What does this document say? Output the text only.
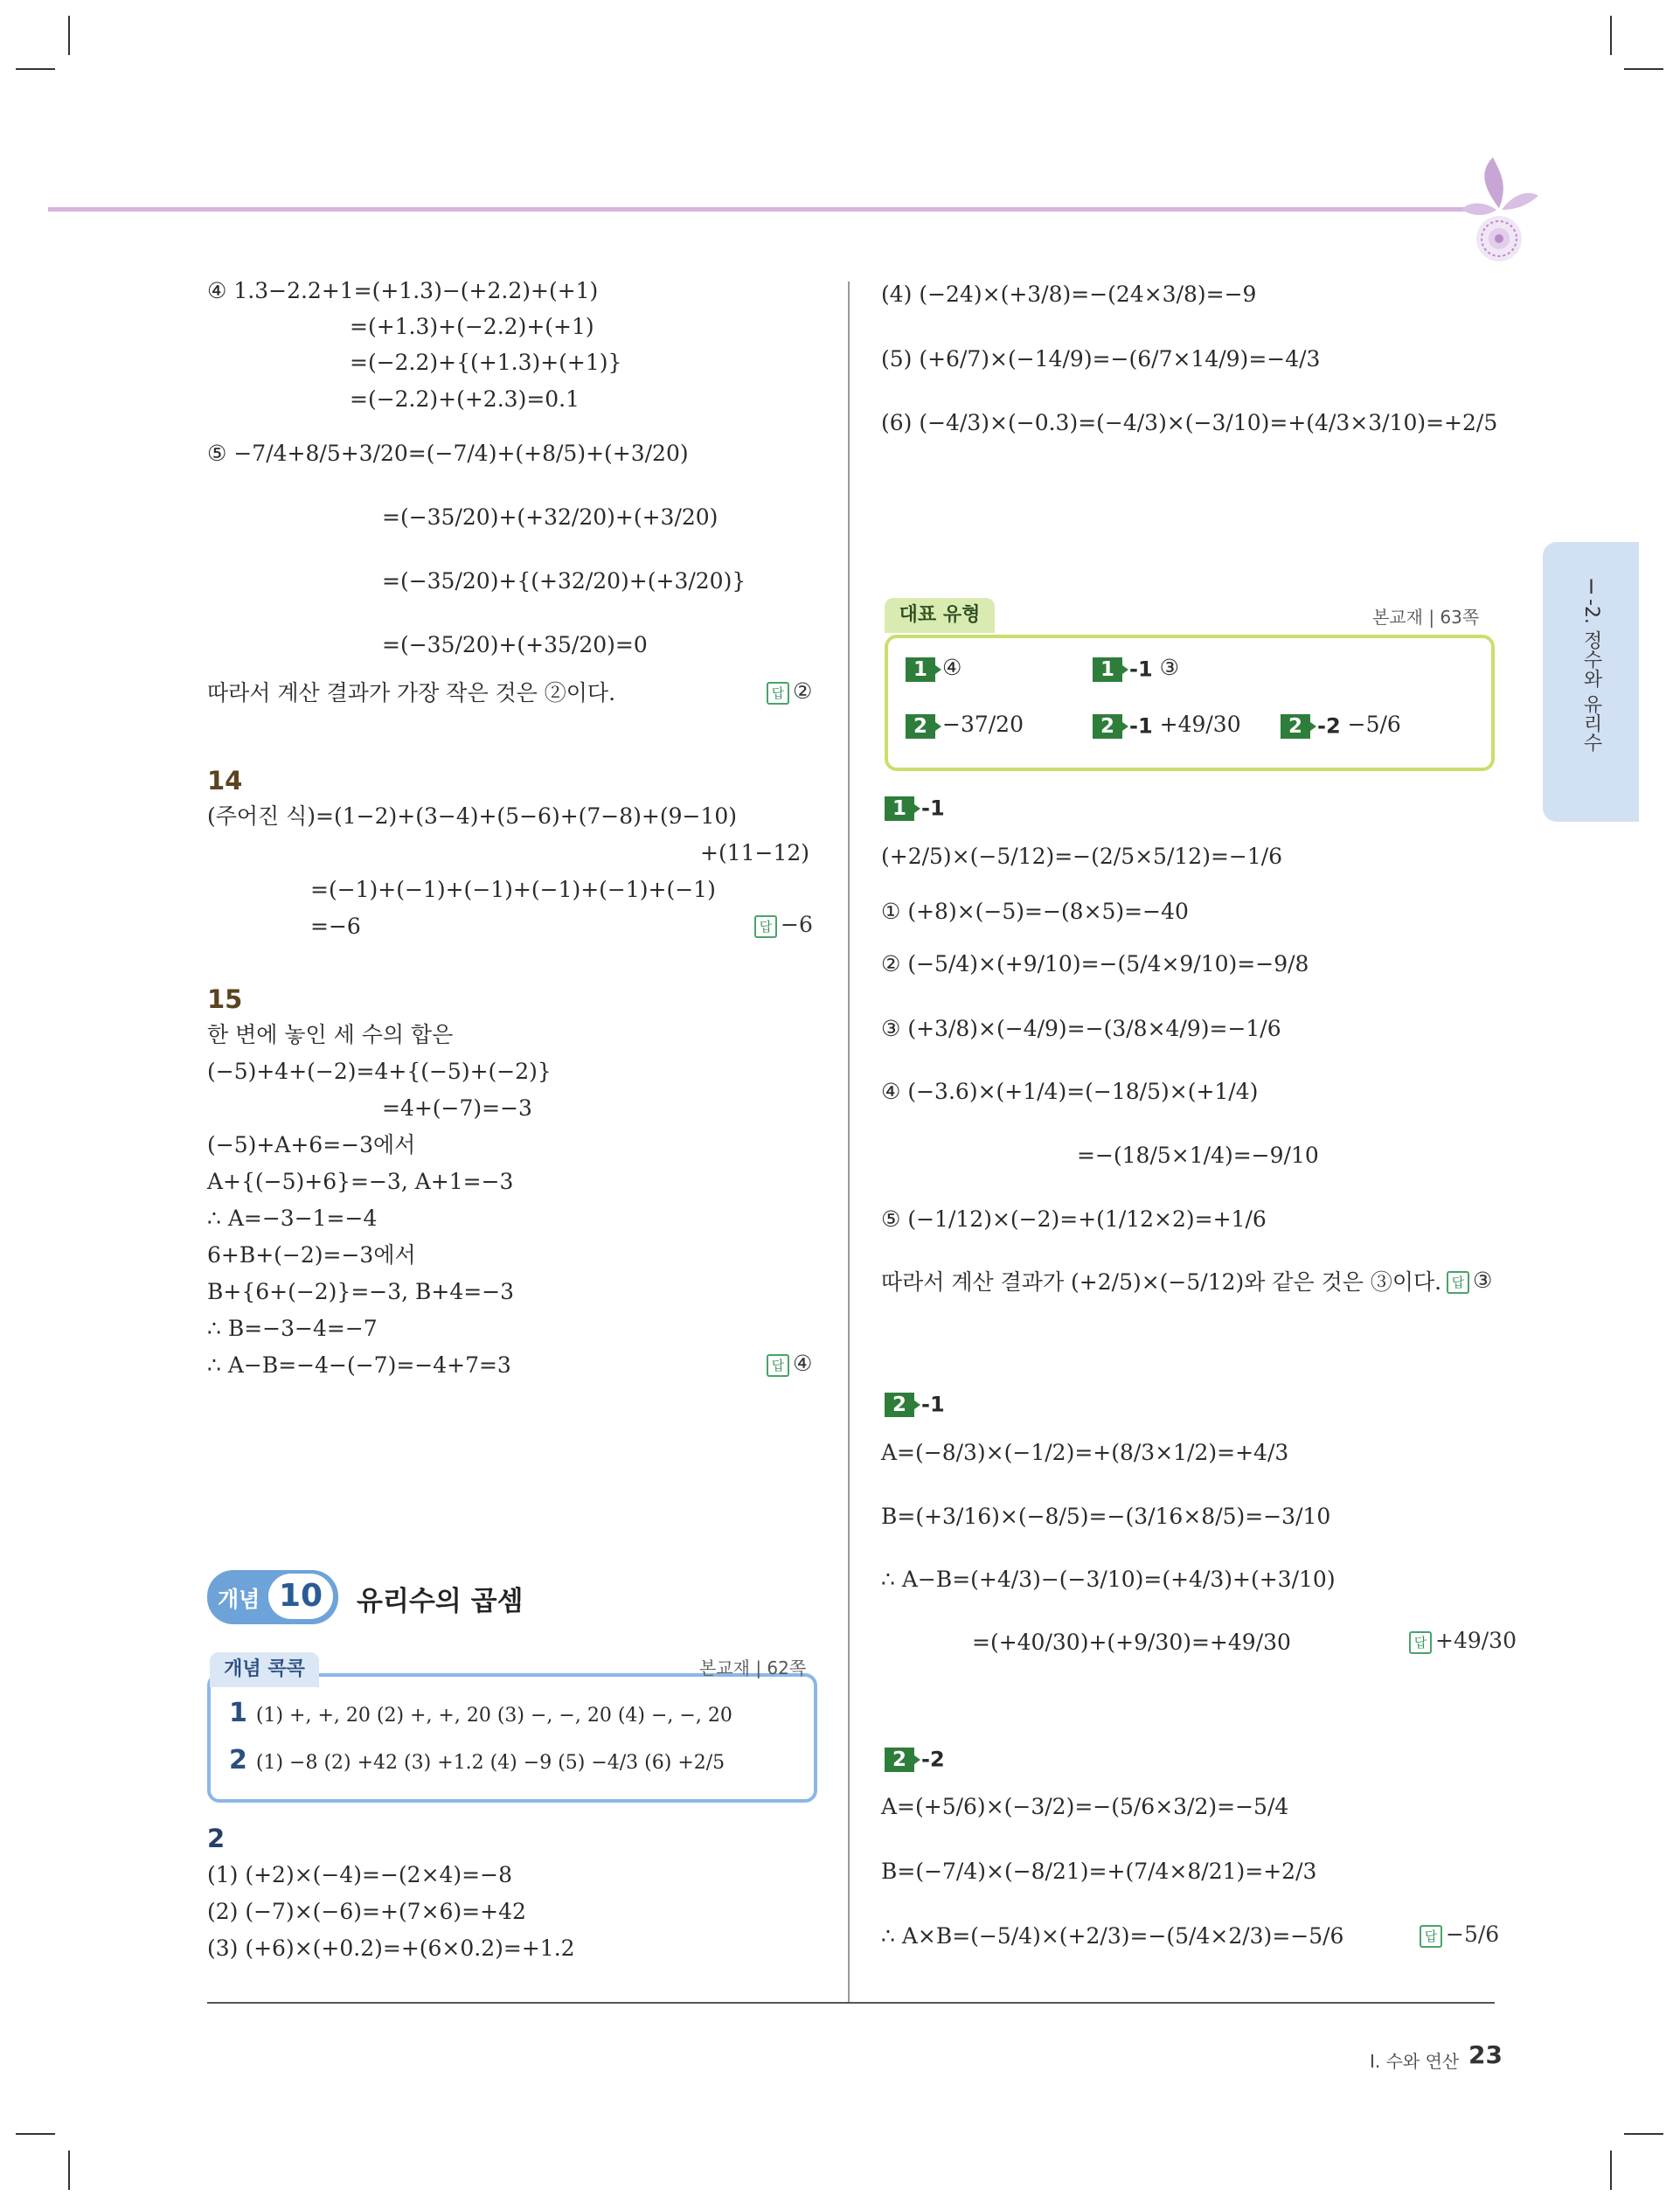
Ⅰ-2. 정수와 유리수
④ 1.3−2.2+1=(+1.3)−(+2.2)+(+1)
=(+1.3)+(−2.2)+(+1)
=(−2.2)+{(+1.3)+(+1)}
=(−2.2)+(+2.3)=0.1
⑤ −7/4+8/5+3/20=(−7/4)+(+8/5)+(+3/20)
=(−35/20)+(+32/20)+(+3/20)
=(−35/20)+{(+32/20)+(+3/20)}
=(−35/20)+(+35/20)=0
따라서 계산 결과가 가장 작은 것은 ②이다. 답	②
14
(주어진 식)=(1−2)+(3−4)+(5−6)+(7−8)+(9−10)
+(11−12)
=(−1)+(−1)+(−1)+(−1)+(−1)+(−1)
=−6 답	−6
15
한 변에 놓인 세 수의 합은
(−5)+4+(−2)=4+{(−5)+(−2)}
=4+(−7)=−3
(−5)+A+6=−3에서
A+{(−5)+6}=−3, A+1=−3
∴ A=−3−1=−4
6+B+(−2)=−3에서
B+{6+(−2)}=−3, B+4=−3
∴ B=−3−4=−7
∴ A−B=−4−(−7)=−4+7=3 답	④
개념 10	유리수의 곱셈
개념 콕콕	본교재 | 62쪽
1 (1) +, +, 20 (2) +, +, 20 (3) −, −, 20 (4) −, −, 20
2 (1) −8 (2) +42 (3) +1.2 (4) −9 (5) −4/3 (6) +2/5
2
(1) (+2)×(−4)=−(2×4)=−8
(2) (−7)×(−6)=+(7×6)=+42
(3) (+6)×(+0.2)=+(6×0.2)=+1.2
(4) (−24)×(+3/8)=−(24×3/8)=−9
(5) (+6/7)×(−14/9)=−(6/7×14/9)=−4/3
(6) (−4/3)×(−0.3)=(−4/3)×(−3/10)=+(4/3×3/10)=+2/5
대표 유형	본교재 | 63쪽
1 ④	1 -1 ③
2 −37/20	2 -1 +49/30	2 -2 −5/6
1 -1
(+2/5)×(−5/12)=−(2/5×5/12)=−1/6
① (+8)×(−5)=−(8×5)=−40
② (−5/4)×(+9/10)=−(5/4×9/10)=−9/8
③ (+3/8)×(−4/9)=−(3/8×4/9)=−1/6
④ (−3.6)×(+1/4)=(−18/5)×(+1/4)
=−(18/5×1/4)=−9/10
⑤ (−1/12)×(−2)=+(1/12×2)=+1/6
따라서 계산 결과가 (+2/5)×(−5/12)와 같은 것은 ③이다. 답	③
2 -1
A=(−8/3)×(−1/2)=+(8/3×1/2)=+4/3
B=(+3/16)×(−8/5)=−(3/16×8/5)=−3/10
∴ A−B=(+4/3)−(−3/10)=(+4/3)+(+3/10)
=(+40/30)+(+9/30)=+49/30 답	+49/30
2 -2
A=(+5/6)×(−3/2)=−(5/6×3/2)=−5/4
B=(−7/4)×(−8/21)=+(7/4×8/21)=+2/3
∴ A×B=(−5/4)×(+2/3)=−(5/4×2/3)=−5/6 답	−5/6
Ⅰ. 수와 연산 23
